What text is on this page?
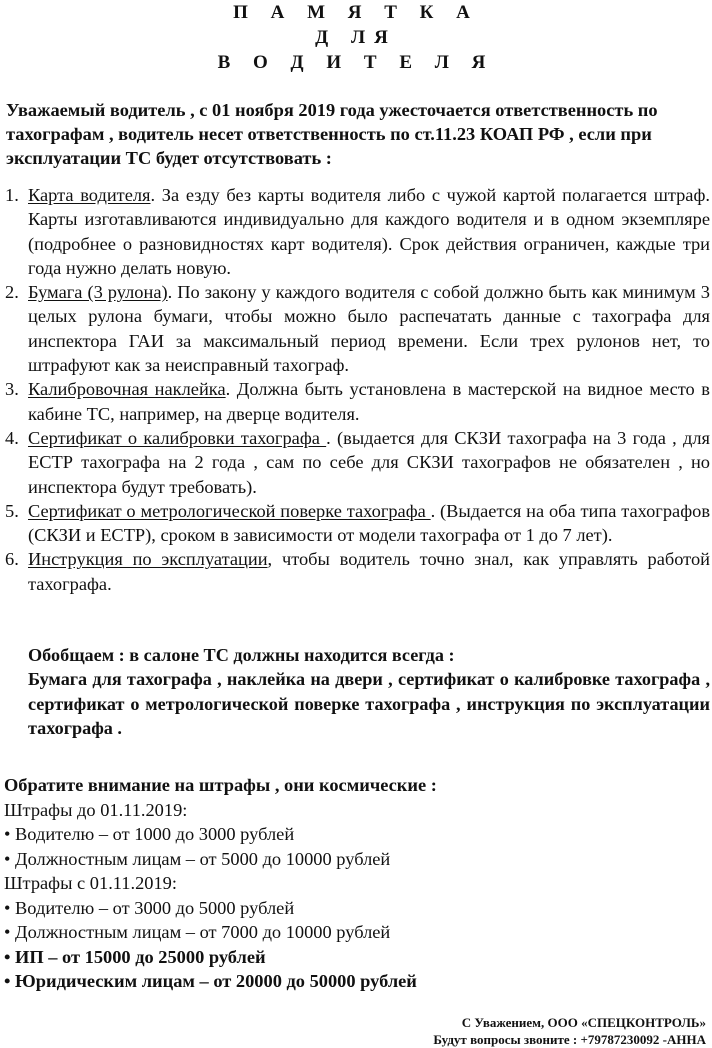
П А М Я Т К А
Д ЛЯ
В О Д И Т Е Л Я
Уважаемый водитель , с 01 ноября 2019 года ужесточается ответственность по тахографам , водитель несет ответственность по ст.11.23 КОАП РФ , если при эксплуатации ТС будет отсутствовать :
1. Карта водителя. За езду без карты водителя либо с чужой картой полагается штраф. Карты изготавливаются индивидуально для каждого водителя и в одном экземпляре (подробнее о разновидностях карт водителя). Срок действия ограничен, каждые три года нужно делать новую.
2. Бумага (3 рулона). По закону у каждого водителя с собой должно быть как минимум 3 целых рулона бумаги, чтобы можно было распечатать данные с тахографа для инспектора ГАИ за максимальный период времени. Если трех рулонов нет, то штрафуют как за неисправный тахограф.
3. Калибровочная наклейка. Должна быть установлена в мастерской на видное место в кабине ТС, например, на дверце водителя.
4. Сертификат о калибровки тахографа . (выдается для СКЗИ тахографа на 3 года , для ЕСТР тахографа на 2 года , сам по себе для СКЗИ тахографов не обязателен , но инспектора будут требовать).
5. Сертификат о метрологической поверке тахографа . (Выдается на оба типа тахографов (СКЗИ и ЕСТР), сроком в зависимости от модели тахографа от 1 до 7 лет).
6. Инструкция по эксплуатации, чтобы водитель точно знал, как управлять работой тахографа.
Обобщаем : в салоне ТС должны находится всегда :
Бумага для тахографа , наклейка на двери , сертификат о калибровке тахографа , сертификат о метрологической поверке тахографа , инструкция по эксплуатации тахографа .
Обратите внимание на штрафы , они космические :
Штрафы до 01.11.2019:
• Водителю – от 1000 до 3000 рублей
• Должностным лицам – от 5000 до 10000 рублей
Штрафы с 01.11.2019:
• Водителю – от 3000 до 5000 рублей
• Должностным лицам – от 7000 до 10000 рублей
• ИП – от 15000 до 25000 рублей
• Юридическим лицам – от 20000 до 50000 рублей
С Уважением, ООО «СПЕЦКОНТРОЛЬ»
Будут вопросы звоните : +79787230092 -АННА
